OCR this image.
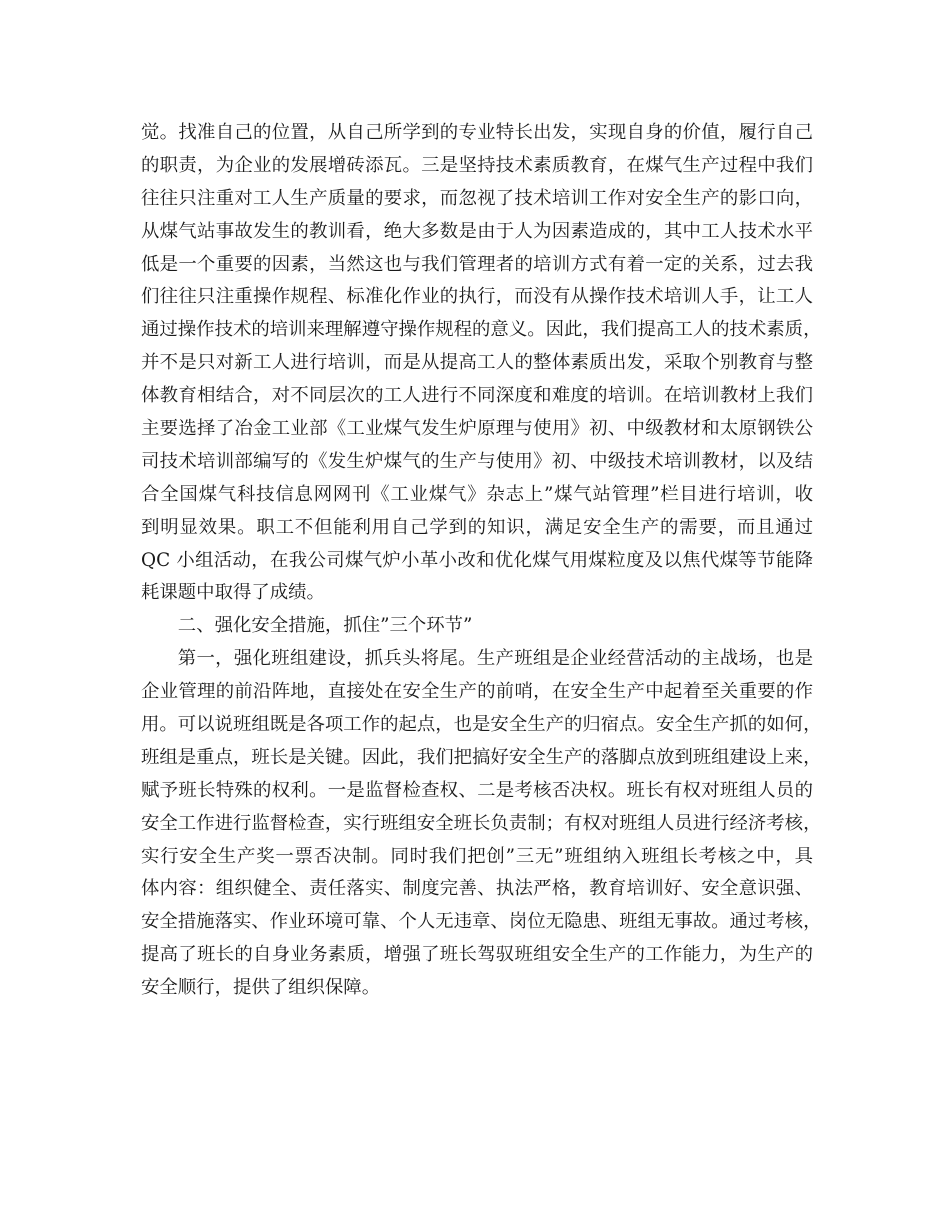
觉。找准自己的位置，从自己所学到的专业特长出发，实现自身的价值，履行自己
的职责，为企业的发展增砖添瓦。三是坚持技术素质教育，在煤气生产过程中我们
往往只注重对工人生产质量的要求，而忽视了技术培训工作对安全生产的影口向，
从煤气站事故发生的教训看，绝大多数是由于人为因素造成的，其中工人技术水平
低是一个重要的因素，当然这也与我们管理者的培训方式有着一定的关系，过去我
们往往只注重操作规程、标准化作业的执行，而没有从操作技术培训人手，让工人
通过操作技术的培训来理解遵守操作规程的意义。因此，我们提高工人的技术素质，
并不是只对新工人进行培训，而是从提高工人的整体素质出发，采取个别教育与整
体教育相结合，对不同层次的工人进行不同深度和难度的培训。在培训教材上我们
主要选择了冶金工业部《工业煤气发生炉原理与使用》初、中级教材和太原钢铁公
司技术培训部编写的《发生炉煤气的生产与使用》初、中级技术培训教材，以及结
合全国煤气科技信息网网刊《工业煤气》杂志上”煤气站管理”栏目进行培训，收
到明显效果。职工不但能利用自己学到的知识，满足安全生产的需要，而且通过
QC 小组活动，在我公司煤气炉小革小改和优化煤气用煤粒度及以焦代煤等节能降
耗课题中取得了成绩。
二、强化安全措施，抓住”三个环节”
第一，强化班组建设，抓兵头将尾。生产班组是企业经营活动的主战场，也是
企业管理的前沿阵地，直接处在安全生产的前哨，在安全生产中起着至关重要的作
用。可以说班组既是各项工作的起点，也是安全生产的归宿点。安全生产抓的如何，
班组是重点，班长是关键。因此，我们把搞好安全生产的落脚点放到班组建设上来，
赋予班长特殊的权利。一是监督检查权、二是考核否决权。班长有权对班组人员的
安全工作进行监督检查，实行班组安全班长负责制；有权对班组人员进行经济考核，
实行安全生产奖一票否决制。同时我们把创”三无”班组纳入班组长考核之中，具
体内容：组织健全、责任落实、制度完善、执法严格，教育培训好、安全意识强、
安全措施落实、作业环境可靠、个人无违章、岗位无隐患、班组无事故。通过考核，
提高了班长的自身业务素质，增强了班长驾驭班组安全生产的工作能力，为生产的
安全顺行，提供了组织保障。
